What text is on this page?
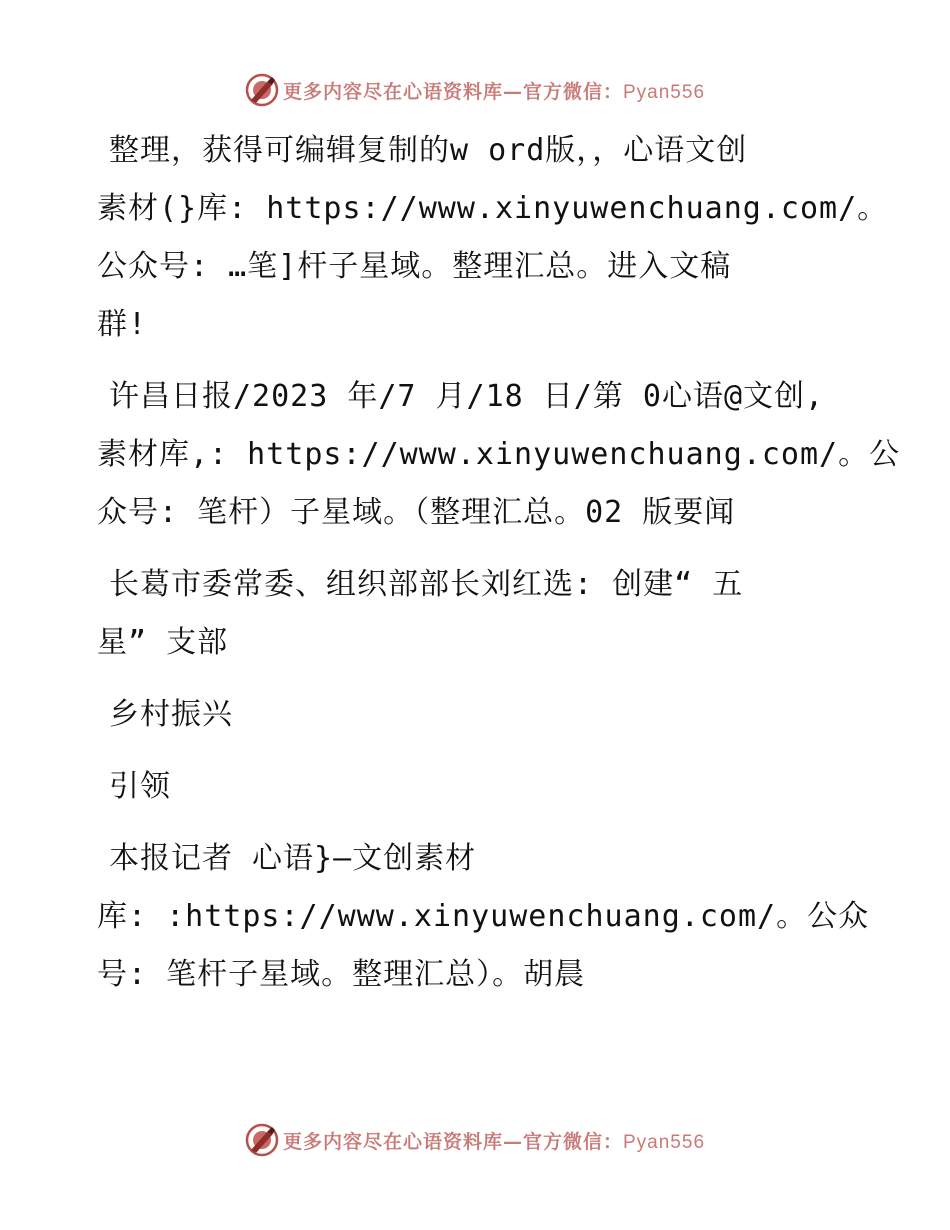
更多内容尽在心语资料库—官方微信：Pyan556
整理，获得可编辑复制的w ord版，，心语文创
素材(}库: https://www.xinyuwenchuang.com/。
公众号: …笔]杆子星域。整理汇总。进入文稿
群!
许昌日报/2023 年/7 月/18 日/第 0心语@文创,
素材库,: https://www.xinyuwenchuang.com/。公
众号: 笔杆）子星域。（整理汇总。02 版要闻
长葛市委常委、组织部部长刘红选: 创建“ 五
星” 支部
乡村振兴
引领
本报记者 心语}—文创素材
库: :https://www.xinyuwenchuang.com/。公众
号: 笔杆子星域。整理汇总）。胡晨
更多内容尽在心语资料库—官方微信：Pyan556
